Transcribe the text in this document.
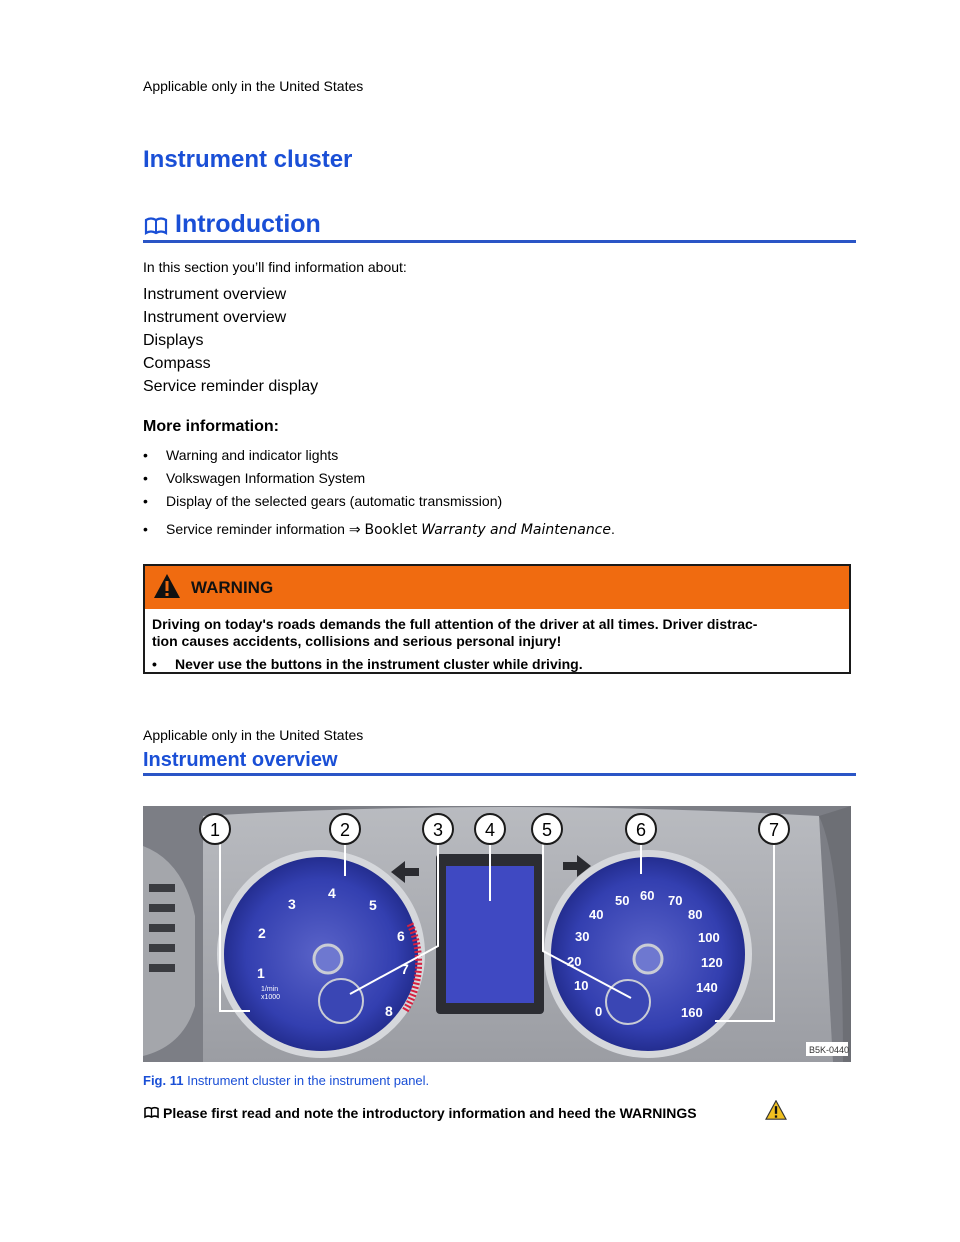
Applicable only in the United States
Instrument cluster
Introduction
In this section you’ll find information about:
Instrument overview
Instrument overview
Displays
Compass
Service reminder display
More information:
• Warning and indicator lights
• Volkswagen Information System
• Display of the selected gears (automatic transmission)
• Service reminder information ⇒ Booklet Warranty and Maintenance.
WARNING
Driving on today's roads demands the full attention of the driver at all times. Driver distrac-
tion causes accidents, collisions and serious personal injury!
• Never use the buttons in the instrument cluster while driving.
Applicable only in the United States
Instrument overview
1
2
3
4
5
6
7
8
1/min
x1000
0
10
20
30
40
50 60 70
80
100
120
140
160
1	2	3 4	5	6	7
B5K-0440
Fig. 11 Instrument cluster in the instrument panel.
Please first read and note the introductory information and heed the WARNINGS
